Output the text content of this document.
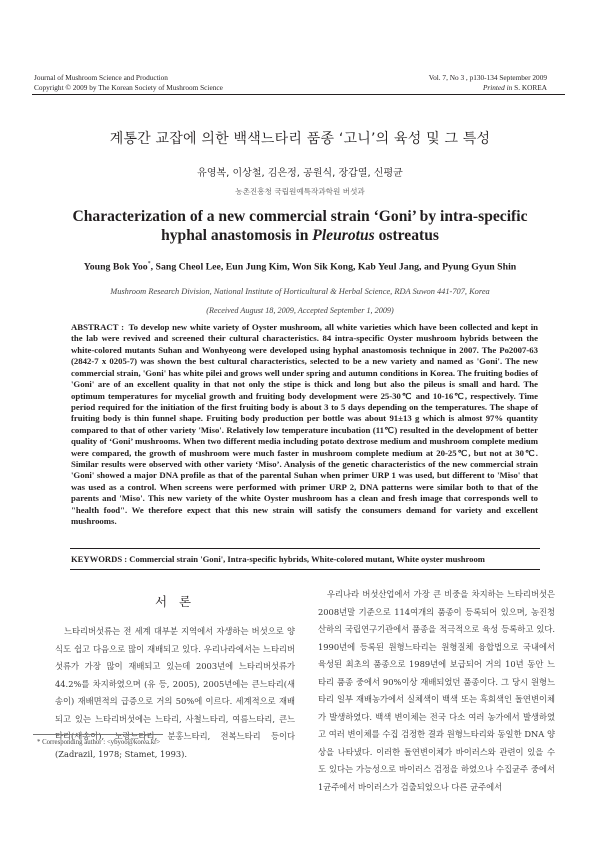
Journal of Mushroom Science and Production
Copyright © 2009 by The Korean Society of Mushroom Science
Vol. 7, No 3 , p130-134 September 2009
Printed in S. KOREA
계통간 교잡에 의한 백색느타리 품종 ‘고니’의 육성 및 그 특성
유영복, 이상철, 김은정, 공원식, 장갑열, 신평균
농촌진흥청 국립원예특작과학원 버섯과
Characterization of a new commercial strain ‘Goni’ by intra-specific hyphal anastomosis in Pleurotus ostreatus
Young Bok Yoo*, Sang Cheol Lee, Eun Jung Kim, Won Sik Kong, Kab Yeul Jang, and Pyung Gyun Shin
Mushroom Research Division, National Institute of Horticultural & Herbal Science, RDA Suwon 441-707, Korea
(Received August 18, 2009, Accepted September 1, 2009)
ABSTRACT : To develop new white variety of Oyster mushroom, all white varieties which have been collected and kept in the lab were revived and screened their cultural characteristics. 84 intra-specific Oyster mushroom hybrids between the white-colored mutants Suhan and Wonhyeong were developed using hyphal anastomosis technique in 2007. The Po2007-63 (2842-7 x 0205-7) was shown the best cultural characteristics, selected to be a new variety and named as 'Goni'. The new commercial strain, 'Goni' has white pilei and grows well under spring and autumn conditions in Korea. The fruiting bodies of 'Goni' are of an excellent quality in that not only the stipe is thick and long but also the pileus is small and hard. The optimum temperatures for mycelial growth and fruiting body development were 25-30℃ and 10-16℃, respectively. Time period required for the initiation of the first fruiting body is about 3 to 5 days depending on the temperatures. The shape of fruiting body is thin funnel shape. Fruiting body production per bottle was about 91±13 g which is almost 97% quantity compared to that of other variety 'Miso'. Relatively low temperature incubation (11℃) resulted in the development of better quality of ‘Goni’ mushrooms. When two different media including potato dextrose medium and mushroom complete medium were compared, the growth of mushroom were much faster in mushroom complete medium at 20-25℃, but not at 30℃. Similar results were observed with other variety ‘Miso’. Analysis of the genetic characteristics of the new commercial strain 'Goni' showed a major DNA profile as that of the parental Suhan when primer URP 1 was used, but different to 'Miso' that was used as a control. When screens were performed with primer URP 2, DNA patterns were similar both to that of the parents and 'Miso'. This new variety of the white Oyster mushroom has a clean and fresh image that corresponds well to "health food". We therefore expect that this new strain will satisfy the consumers demand for variety and excellent mushrooms.
KEYWORDS : Commercial strain 'Goni', Intra-specific hybrids, White-colored mutant, White oyster mushroom
서 론
느타리버섯류는 전 세계 대부분 지역에서 자생하는 버섯으로 양식도 쉽고 다음으로 많이 재배되고 있다. 우리나라에서는 느타리버섯류가 가장 많이 재배되고 있는데 2003년에 느타리버섯류가 44.2%를 차지하였으며 (유 등, 2005), 2005년에는 큰느타리(새송이) 재배면적의 급증으로 거의 50%에 이르다. 세계적으로 재배되고 있는 느타리버섯에는 느타리, 사철느타리, 여름느타리, 큰느타리(새송이), 노랑느타리, 분홍느타리, 전복느타리 등이다(Zadrazil, 1978; Stamet, 1993).
우리나라 버섯산업에서 가장 큰 비중을 차지하는 느타리버섯은 2008년말 기준으로 114여개의 품종이 등록되어 있으며, 농진청 산하의 국립연구기관에서 품종을 적극적으로 육성 등록하고 있다. 1990년에 등록된 원형느타리는 원형질체 융합법으로 국내에서 육성된 최초의 품종으로 1989년에 보급되어 거의 10년 동안 느타리 품종 중에서 90%이상 재배되었던 품종이다. 그 당시 원형느타리 일부 재배농가에서 실체색이 백색 또는 흑회색인 돌연변이체가 발생하였다. 백색 변이체는 전국 다소 여러 농가에서 발생하였고 여러 변이체를 수집 검정한 결과 원형느타리와 동일한 DNA 양상을 나타냈다. 이러한 돌연변이체가 바이러스와 관련이 있을 수도 있다는 가능성으로 바이러스 검정을 하였으나 수집균주 중에서 1균주에서 바이러스가 검출되었으나 다른 균주에서
* Corresponding author : <ybyoo@korea.kr>
